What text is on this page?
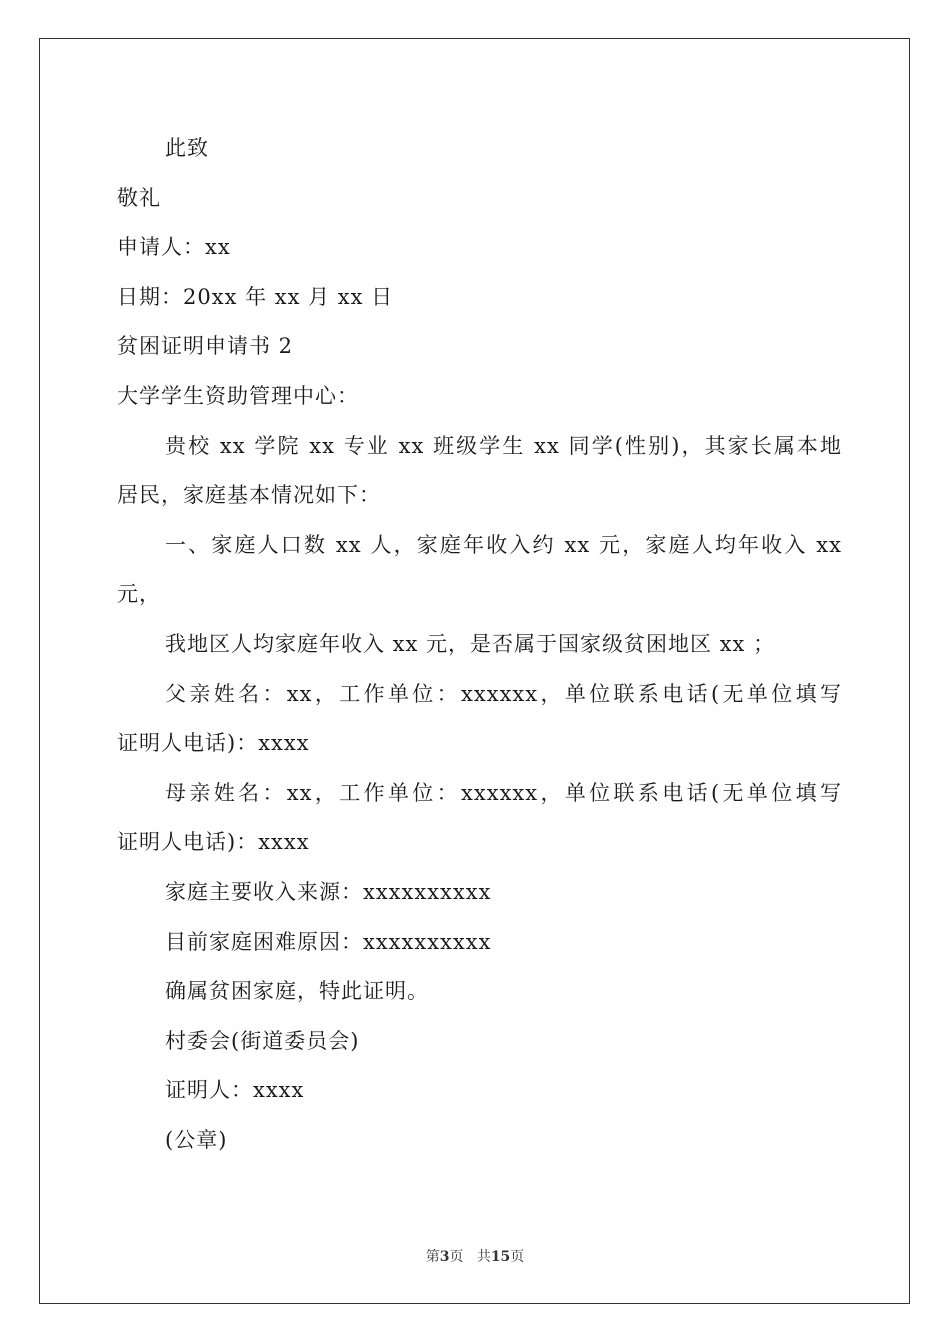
此致
敬礼
申请人：xx
日期：20xx 年 xx 月 xx 日
贫困证明申请书 2
大学学生资助管理中心：
贵校 xx 学院 xx 专业 xx 班级学生 xx 同学(性别)，其家长属本地
居民，家庭基本情况如下：
一、家庭人口数 xx 人，家庭年收入约 xx 元，家庭人均年收入 xx
元，
我地区人均家庭年收入 xx 元，是否属于国家级贫困地区 xx ；
父亲姓名：xx，工作单位：xxxxxx，单位联系电话(无单位填写
证明人电话)：xxxx
母亲姓名：xx，工作单位：xxxxxx，单位联系电话(无单位填写
证明人电话)：xxxx
家庭主要收入来源：xxxxxxxxxx
目前家庭困难原因：xxxxxxxxxx
确属贫困家庭，特此证明。
村委会(街道委员会)
证明人：xxxx
(公章)
第3页 共15页
